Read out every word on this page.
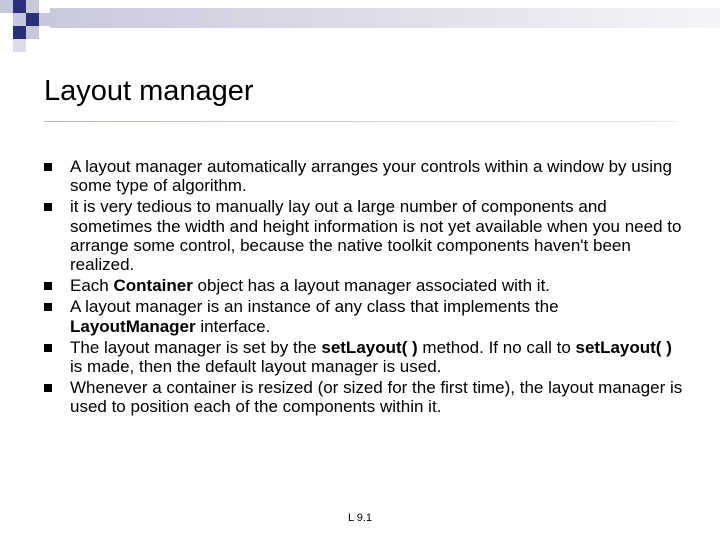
Layout manager
A layout manager automatically arranges your controls within a window by using some type of algorithm.
it is very tedious to manually lay out a large number of components and sometimes the width and height information is not yet available when you need to arrange some control, because the native toolkit components haven't been realized.
Each Container object has a layout manager associated with it.
A layout manager is an instance of any class that implements the LayoutManager interface.
The layout manager is set by the setLayout( ) method. If no call to setLayout( ) is made, then the default layout manager is used.
Whenever a container is resized (or sized for the first time), the layout manager is used to position each of the components within it.
L 9.1
